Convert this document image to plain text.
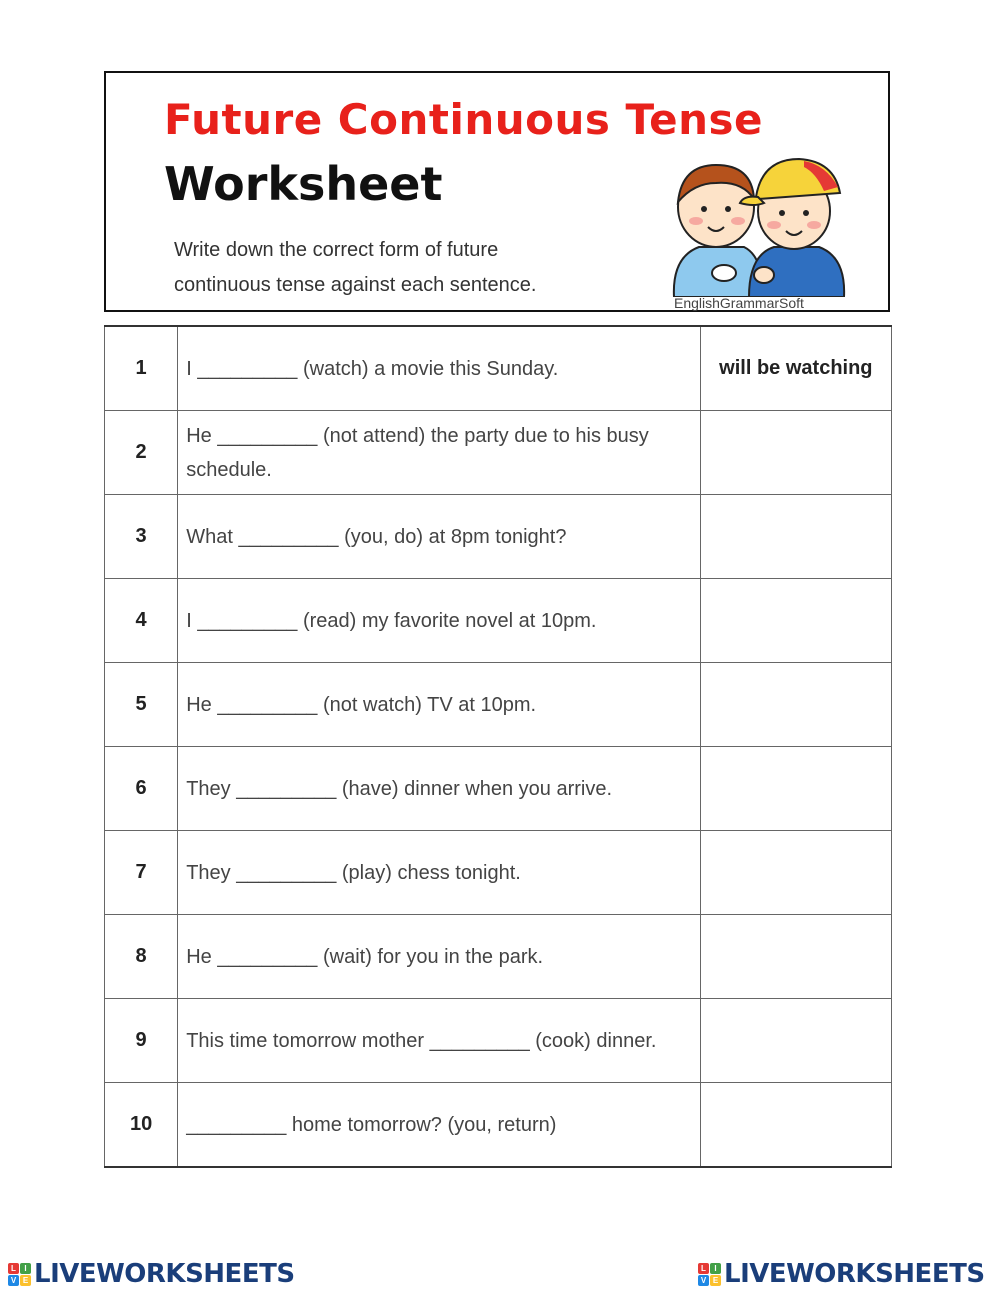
Future Continuous Tense
Worksheet
Write down the correct form of future continuous tense against each sentence.
EnglishGrammarSoft
1	I _________ (watch) a movie this Sunday.	will be watching
2	He _________ (not attend) the party due to his busy schedule.	
3	What _________ (you, do) at 8pm tonight?	
4	I _________ (read) my favorite novel at 10pm.	
5	He _________ (not watch) TV at 10pm.	
6	They _________ (have) dinner when you arrive.	
7	They _________ (play) chess tonight.	
8	He _________ (wait) for you in the park.	
9	This time tomorrow mother _________ (cook) dinner.	
10	_________ home tomorrow? (you, return)	
L	I
V E LIVEWORKSHEETS	L	I
V E LIVEWORKSHEETS
